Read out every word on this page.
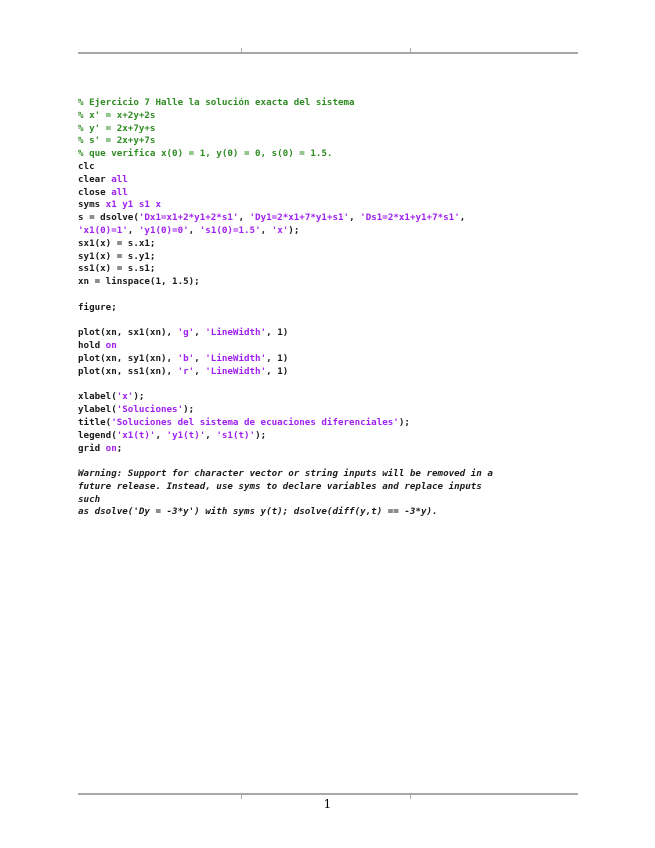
% Ejercicio 7 Halle la solución exacta del sistema
% x' = x+2y+2s
% y' = 2x+7y+s
% s' = 2x+y+7s
% que verifica x(0) = 1, y(0) = 0, s(0) = 1.5.
clc
clear all
close all
syms x1 y1 s1 x
s = dsolve('Dx1=x1+2*y1+2*s1', 'Dy1=2*x1+7*y1+s1', 'Ds1=2*x1+y1+7*s1',
'x1(0)=1', 'y1(0)=0', 's1(0)=1.5', 'x');
sx1(x) = s.x1;
sy1(x) = s.y1;
ss1(x) = s.s1;
xn = linspace(1, 1.5);
figure;
plot(xn, sx1(xn), 'g', 'LineWidth', 1)
hold on
plot(xn, sy1(xn), 'b', 'LineWidth', 1)
plot(xn, ss1(xn), 'r', 'LineWidth', 1)
xlabel('x');
ylabel('Soluciones');
title('Soluciones del sistema de ecuaciones diferenciales');
legend('x1(t)', 'y1(t)', 's1(t)');
grid on;
Warning: Support for character vector or string inputs will be removed in a
future release. Instead, use syms to declare variables and replace inputs
such
as dsolve('Dy = -3*y') with syms y(t); dsolve(diff(y,t) == -3*y).
1
